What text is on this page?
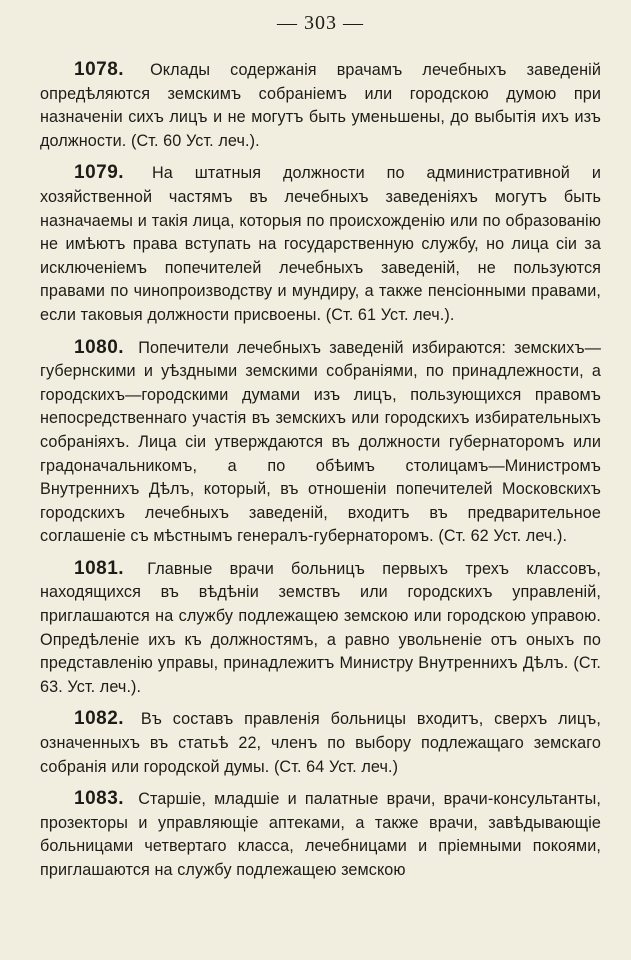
— 303 —

1078. Оклады содержанія врачамъ лечебныхъ заведеній опредѣляются земскимъ собраніемъ или городскою думою при назначеніи сихъ лицъ и не могутъ быть уменьшены, до выбытія ихъ изъ должности. (Ст. 60 Уст. леч.).

1079. На штатныя должности по административной и хозяйственной частямъ въ лечебныхъ заведеніяхъ могутъ быть назначаемы и такія лица, которыя по происхожденію или по образованію не имѣютъ права вступать на государственную службу, но лица сіи за исключеніемъ попечителей лечебныхъ заведеній, не пользуются правами по чинопроизводству и мундиру, а также пенсіонными правами, если таковыя должности присвоены. (Ст. 61 Уст. леч.).

1080. Попечители лечебныхъ заведеній избираются: земскихъ—губернскими и уѣздными земскими собраніями, по принадлежности, а городскихъ—городскими думами изъ лицъ, пользующихся правомъ непосредственнаго участія въ земскихъ или городскихъ избирательныхъ собраніяхъ. Лица сіи утверждаются въ должности губернаторомъ или градоначальникомъ, а по обѣимъ столицамъ—Министромъ Внутреннихъ Дѣлъ, который, въ отношеніи попечителей Московскихъ городскихъ лечебныхъ заведеній, входитъ въ предварительное соглашеніе съ мѣстнымъ генералъ-губернаторомъ. (Ст. 62 Уст. леч.).

1081. Главные врачи больницъ первыхъ трехъ классовъ, находящихся въ вѣдѣніи земствъ или городскихъ управленій, приглашаются на службу подлежащею земскою или городскою управою. Опредѣленіе ихъ къ должностямъ, а равно увольненіе отъ оныхъ по представленію управы, принадлежитъ Министру Внутреннихъ Дѣлъ. (Ст. 63. Уст. леч.).

1082. Въ составъ правленія больницы входитъ, сверхъ лицъ, означенныхъ въ статьѣ 22, членъ по выбору подлежащаго земскаго собранія или городской думы. (Ст. 64 Уст. леч.)

1083. Старшіе, младшіе и палатные врачи, врачи-консультанты, прозекторы и управляющіе аптеками, а также врачи, завѣдывающіе больницами четвертаго класса, лечебницами и пріемными покоями, приглашаются на службу подлежащею земскою
